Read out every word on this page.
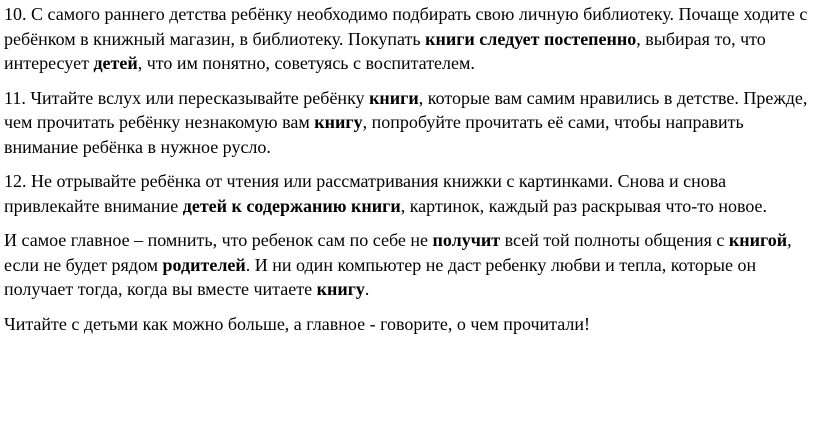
10. С самого раннего детства ребёнку необходимо подбирать свою личную библиотеку. Почаще ходите с ребёнком в книжный магазин, в библиотеку. Покупать книги следует постепенно, выбирая то, что интересует детей, что им понятно, советуясь с воспитателем.

11. Читайте вслух или пересказывайте ребёнку книги, которые вам самим нравились в детстве. Прежде, чем прочитать ребёнку незнакомую вам книгу, попробуйте прочитать её сами, чтобы направить внимание ребёнка в нужное русло.

12. Не отрывайте ребёнка от чтения или рассматривания книжки с картинками. Снова и снова привлекайте внимание детей к содержанию книги, картинок, каждый раз раскрывая что-то новое.

И самое главное – помнить, что ребенок сам по себе не получит всей той полноты общения с книгой, если не будет рядом родителей. И ни один компьютер не даст ребенку любви и тепла, которые он получает тогда, когда вы вместе читаете книгу.

Читайте с детьми как можно больше, а главное - говорите, о чем прочитали!
